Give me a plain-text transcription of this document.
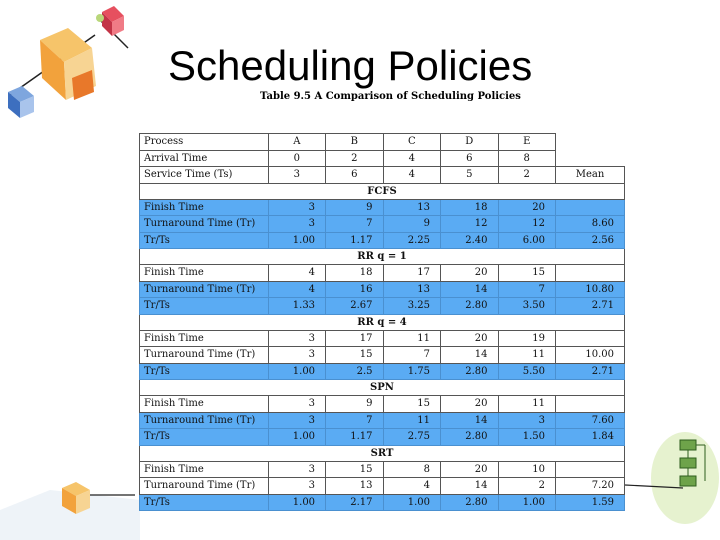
Scheduling Policies
Table 9.5 A Comparison of Scheduling Policies
Process	A	B	C	D	E	
Arrival Time	0	2	4	6	8	
Service Time (Ts)	3	6	4	5	2	Mean
FCFS						
Finish Time	3	9	13	18	20	
Turnaround Time (Tr)	3	7	9	12	12	8.60
Tr/Ts	1.00	1.17	2.25	2.40	6.00	2.56
RR q = 1						
Finish Time	4	18	17	20	15	
Turnaround Time (Tr)	4	16	13	14	7	10.80
Tr/Ts	1.33	2.67	3.25	2.80	3.50	2.71
RR q = 4						
Finish Time	3	17	11	20	19	
Turnaround Time (Tr)	3	15	7	14	11	10.00
Tr/Ts	1.00	2.5	1.75	2.80	5.50	2.71
SPN						
Finish Time	3	9	15	20	11	
Turnaround Time (Tr)	3	7	11	14	3	7.60
Tr/Ts	1.00	1.17	2.75	2.80	1.50	1.84
SRT						
Finish Time	3	15	8	20	10	
Turnaround Time (Tr)	3	13	4	14	2	7.20
Tr/Ts	1.00	2.17	1.00	2.80	1.00	1.59
